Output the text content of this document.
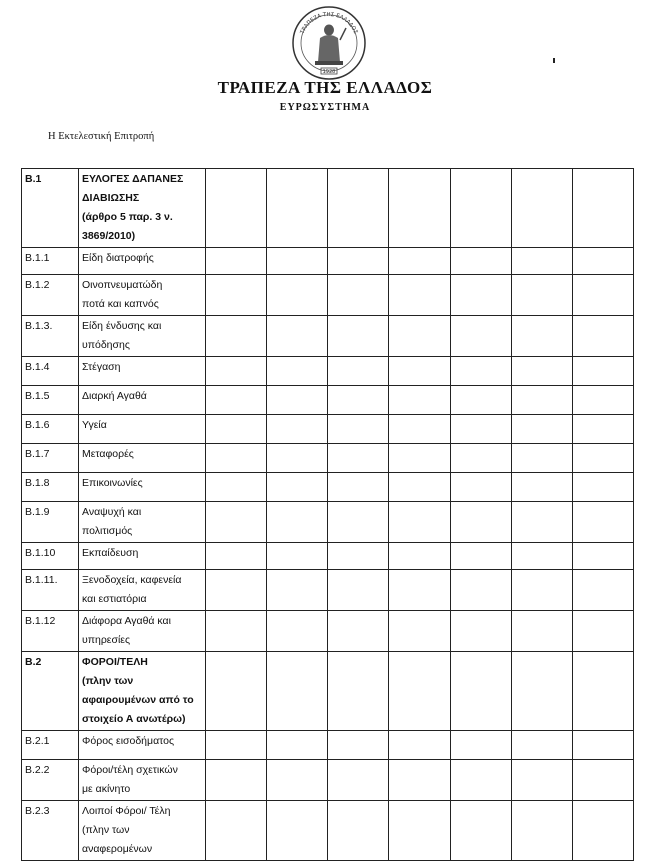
1928
ΤΡΑΠΕΖΑ ΤΗΣ ΕΛΛΑΔΟΣ
ΤΡΑΠΕΖΑ ΤΗΣ ΕΛΛΑΔΟΣ
ΕΥΡΩΣΥΣΤΗΜΑ
Η Εκτελεστική Επιτροπή
B.1	ΕΥΛΟΓΕΣ ΔΑΠΑΝΕΣ
ΔΙΑΒΙΩΣΗΣ
(άρθρο 5 παρ. 3 ν.
3869/2010)							

B.1.1	Είδη διατροφής							

B.1.2	Οινοπνευματώδη
ποτά και καπνός							

B.1.3.	Είδη ένδυσης και
υπόδησης							

B.1.4	Στέγαση							

B.1.5	Διαρκή Αγαθά							

B.1.6	Υγεία							

B.1.7	Μεταφορές							

B.1.8	Επικοινωνίες							

B.1.9	Αναψυχή και
πολιτισμός							

B.1.10	Εκπαίδευση							

B.1.11.	Ξενοδοχεία, καφενεία
και εστιατόρια							

B.1.12	Διάφορα Αγαθά και
υπηρεσίες							

B.2	ΦΟΡΟΙ/ΤΕΛΗ
(πλην των
αφαιρουμένων από το
στοιχείο Α ανωτέρω)							

B.2.1	Φόρος εισοδήματος							

B.2.2	Φόροι/τέλη σχετικών
με ακίνητο							

B.2.3	Λοιποί Φόροι/ Τέλη
(πλην των
αναφερομένων							
